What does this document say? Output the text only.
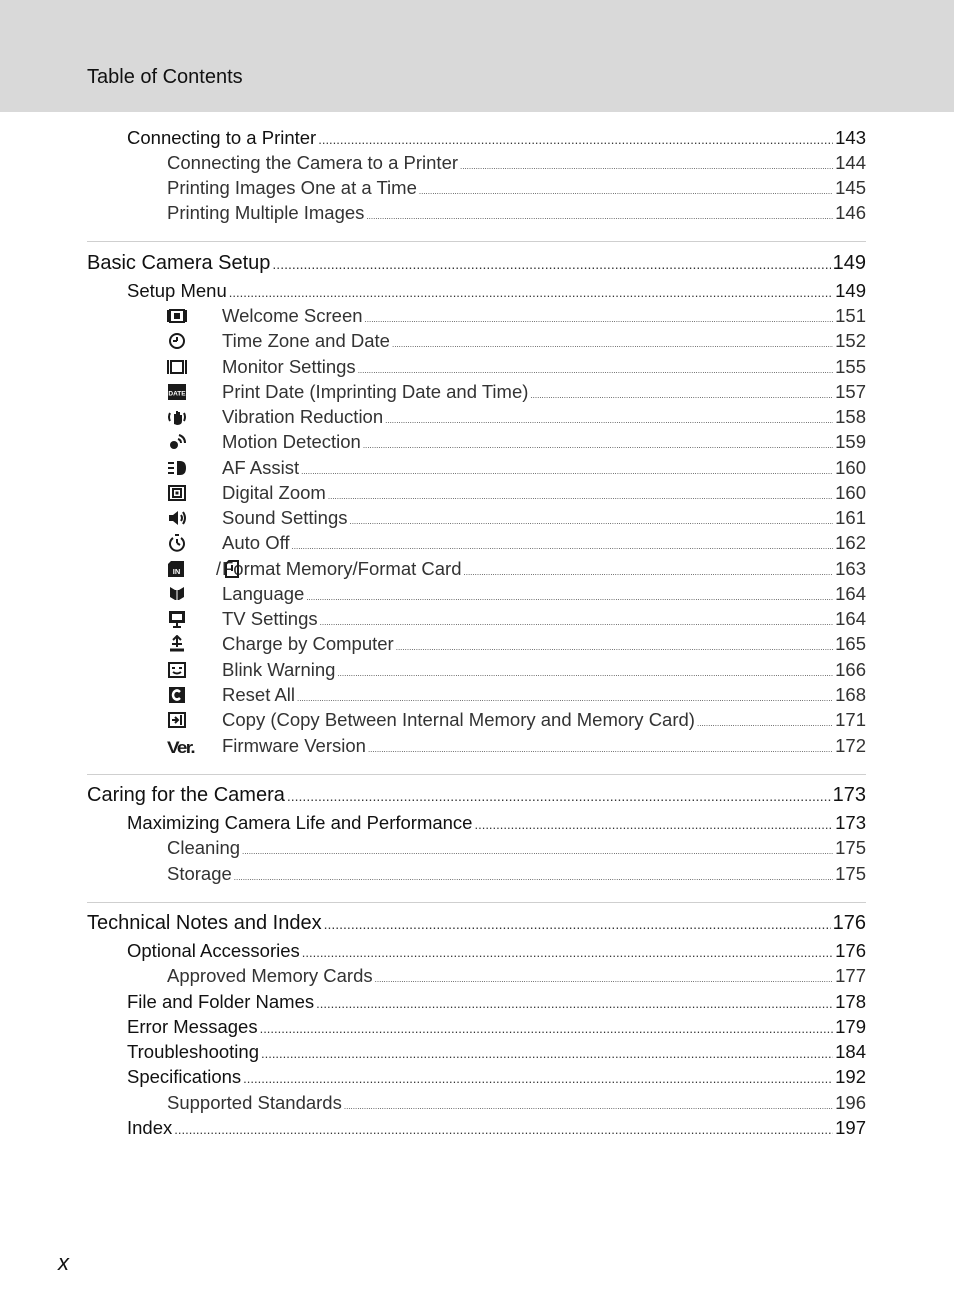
Table of Contents
Connecting to a Printer .....	143
Connecting the Camera to a Printer .....	144
Printing Images One at a Time .....	145
Printing Multiple Images .....	146
Basic Camera Setup .....	149
Setup Menu .....	149
Welcome Screen .....	151
Time Zone and Date .....	152
Monitor Settings .....	155
DATE Print Date (Imprinting Date and Time) .....	157
Vibration Reduction .....	158
Motion Detection .....	159
AF Assist .....	160
Digital Zoom .....	160
Sound Settings .....	161
Auto Off .....	162
IN / Format Memory/Format Card .....	163
Language .....	164
TV Settings .....	164
Charge by Computer .....	165
Blink Warning .....	166
Reset All .....	168
Copy (Copy Between Internal Memory and Memory Card) .....	171
Ver. Firmware Version .....	172
Caring for the Camera .....	173
Maximizing Camera Life and Performance .....	173
Cleaning .....	175
Storage .....	175
Technical Notes and Index .....	176
Optional Accessories .....	176
Approved Memory Cards .....	177
File and Folder Names .....	178
Error Messages .....	179
Troubleshooting .....	184
Specifications .....	192
Supported Standards .....	196
Index .....	197
x
